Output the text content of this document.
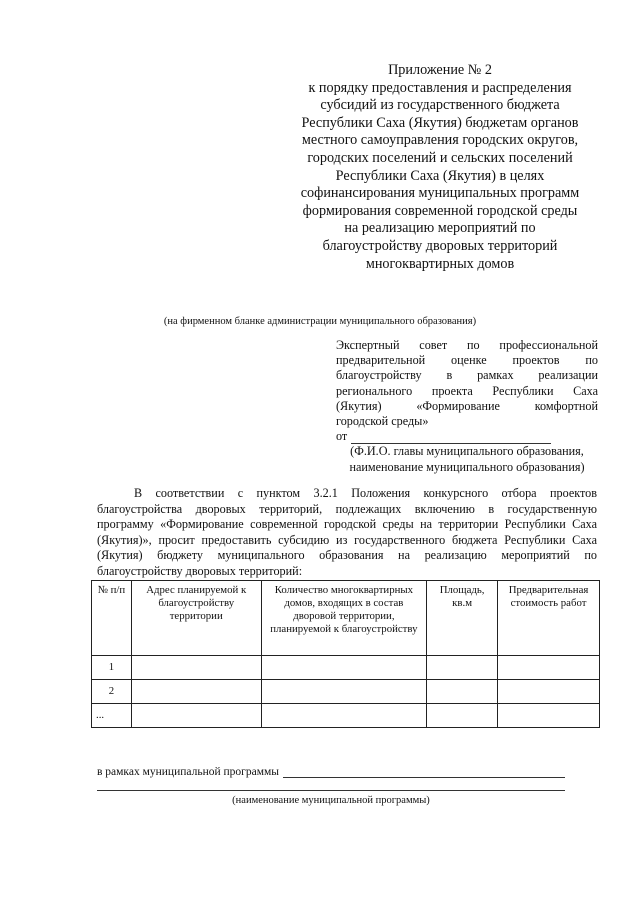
Приложение № 2
к порядку предоставления и распределения
субсидий из государственного бюджета
Республики Саха (Якутия) бюджетам органов
местного самоуправления городских округов,
городских поселений и сельских поселений
Республики Саха (Якутия) в целях
софинансирования муниципальных программ
формирования современной городской среды
на реализацию мероприятий по
благоустройству дворовых территорий
многоквартирных домов
(на фирменном бланке администрации муниципального образования)
Экспертный совет по профессиональной
предварительной оценке проектов по
благоустройству в рамках реализации
регионального проекта Республики Саха
(Якутия) «Формирование комфортной
городской среды»
от
(Ф.И.О. главы муниципального образования,
наименование муниципального образования)
В соответствии с пунктом 3.2.1 Положения конкурсного отбора проектов
благоустройства дворовых территорий, подлежащих включению в государственную
программу «Формирование современной городской среды на территории Республики Саха
(Якутия)», просит предоставить субсидию из государственного бюджета Республики Саха
(Якутия) бюджету муниципального образования на реализацию мероприятий по
благоустройству дворовых территорий:
№ п/п	Адрес планируемой к благоустройству территории	Количество многоквартирных домов, входящих в состав дворовой территории, планируемой к благоустройству	Площадь, кв.м	Предварительная стоимость работ
1				
2				
...				
в рамках муниципальной программы
(наименование муниципальной программы)
